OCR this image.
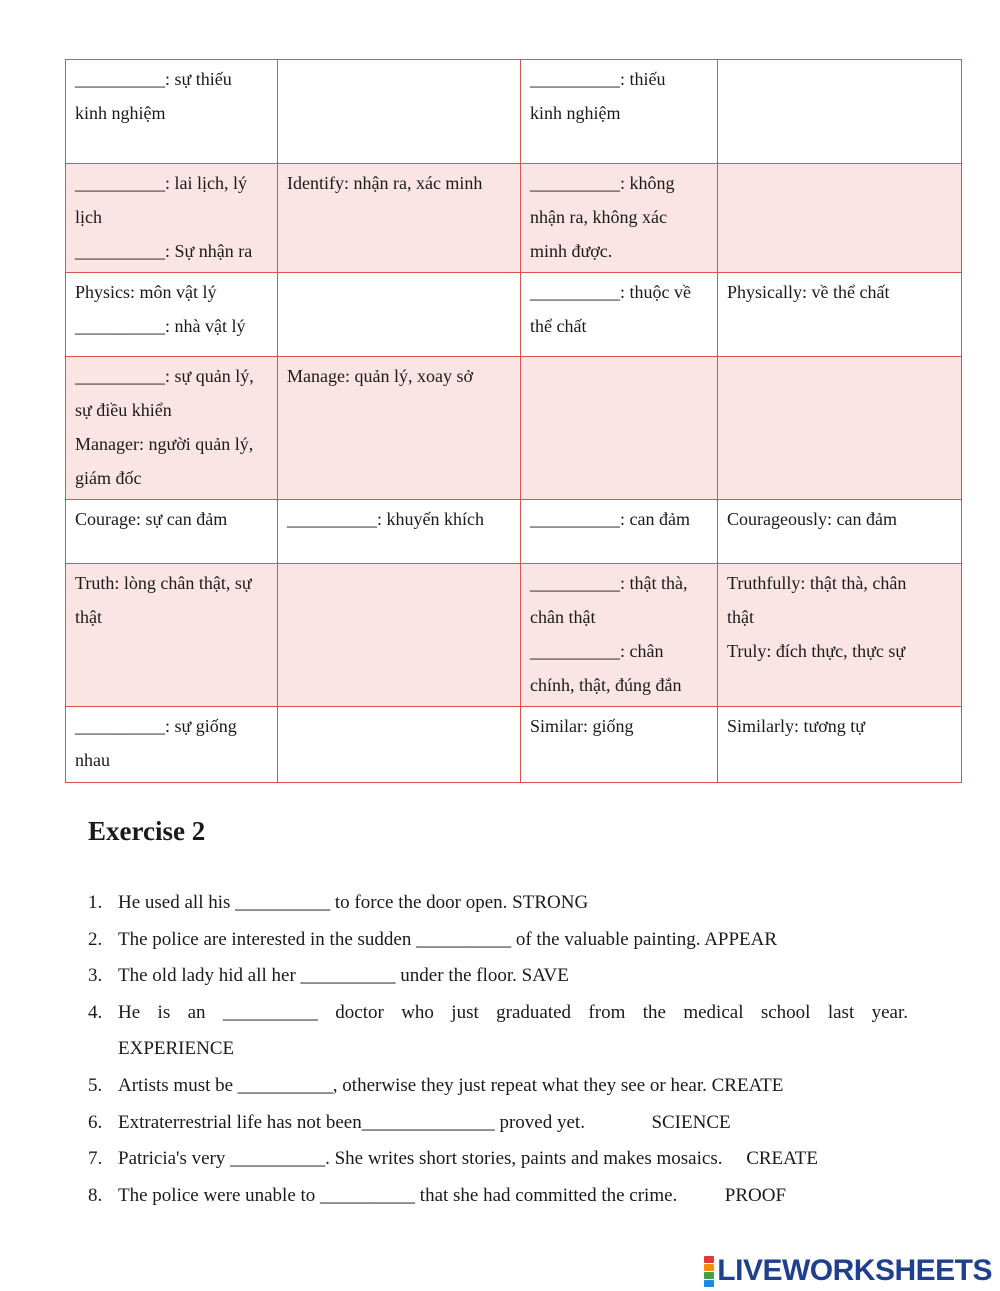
__________: sự thiếu
kinh nghiệm		__________: thiếu
kinh nghiệm	

__________: lai lịch, lý
lịch
__________: Sự nhận ra	Identify: nhận ra, xác minh	__________: không
nhận ra, không xác
minh được.	

Physics: môn vật lý
__________: nhà vật lý		__________: thuộc về
thể chất	Physically: về thể chất

__________: sự quản lý,
sự điều khiển
Manager: người quản lý,
giám đốc	Manage: quản lý, xoay sở		

Courage: sự can đảm	__________: khuyến khích	__________: can đảm	Courageously: can đảm

Truth: lòng chân thật, sự
thật		__________: thật thà,
chân thật
__________: chân
chính, thật, đúng đắn	Truthfully: thật thà, chân
thật
Truly: đích thực, thực sự

__________: sự giống
nhau		Similar: giống	Similarly: tương tự
Exercise 2
1. He used all his __________ to force the door open. STRONG
2. The police are interested in the sudden __________ of the valuable painting. APPEAR
3. The old lady hid all her __________ under the floor. SAVE
4. He is an __________ doctor who just graduated from the medical school last year.
EXPERIENCE
5. Artists must be __________, otherwise they just repeat what they see or hear. CREATE
6. Extraterrestrial life has not been______________ proved yet.              SCIENCE
7. Patricia's very __________. She writes short stories, paints and makes mosaics.     CREATE
8. The police were unable to __________ that she had committed the crime.          PROOF
LIVEWORKSHEETS
